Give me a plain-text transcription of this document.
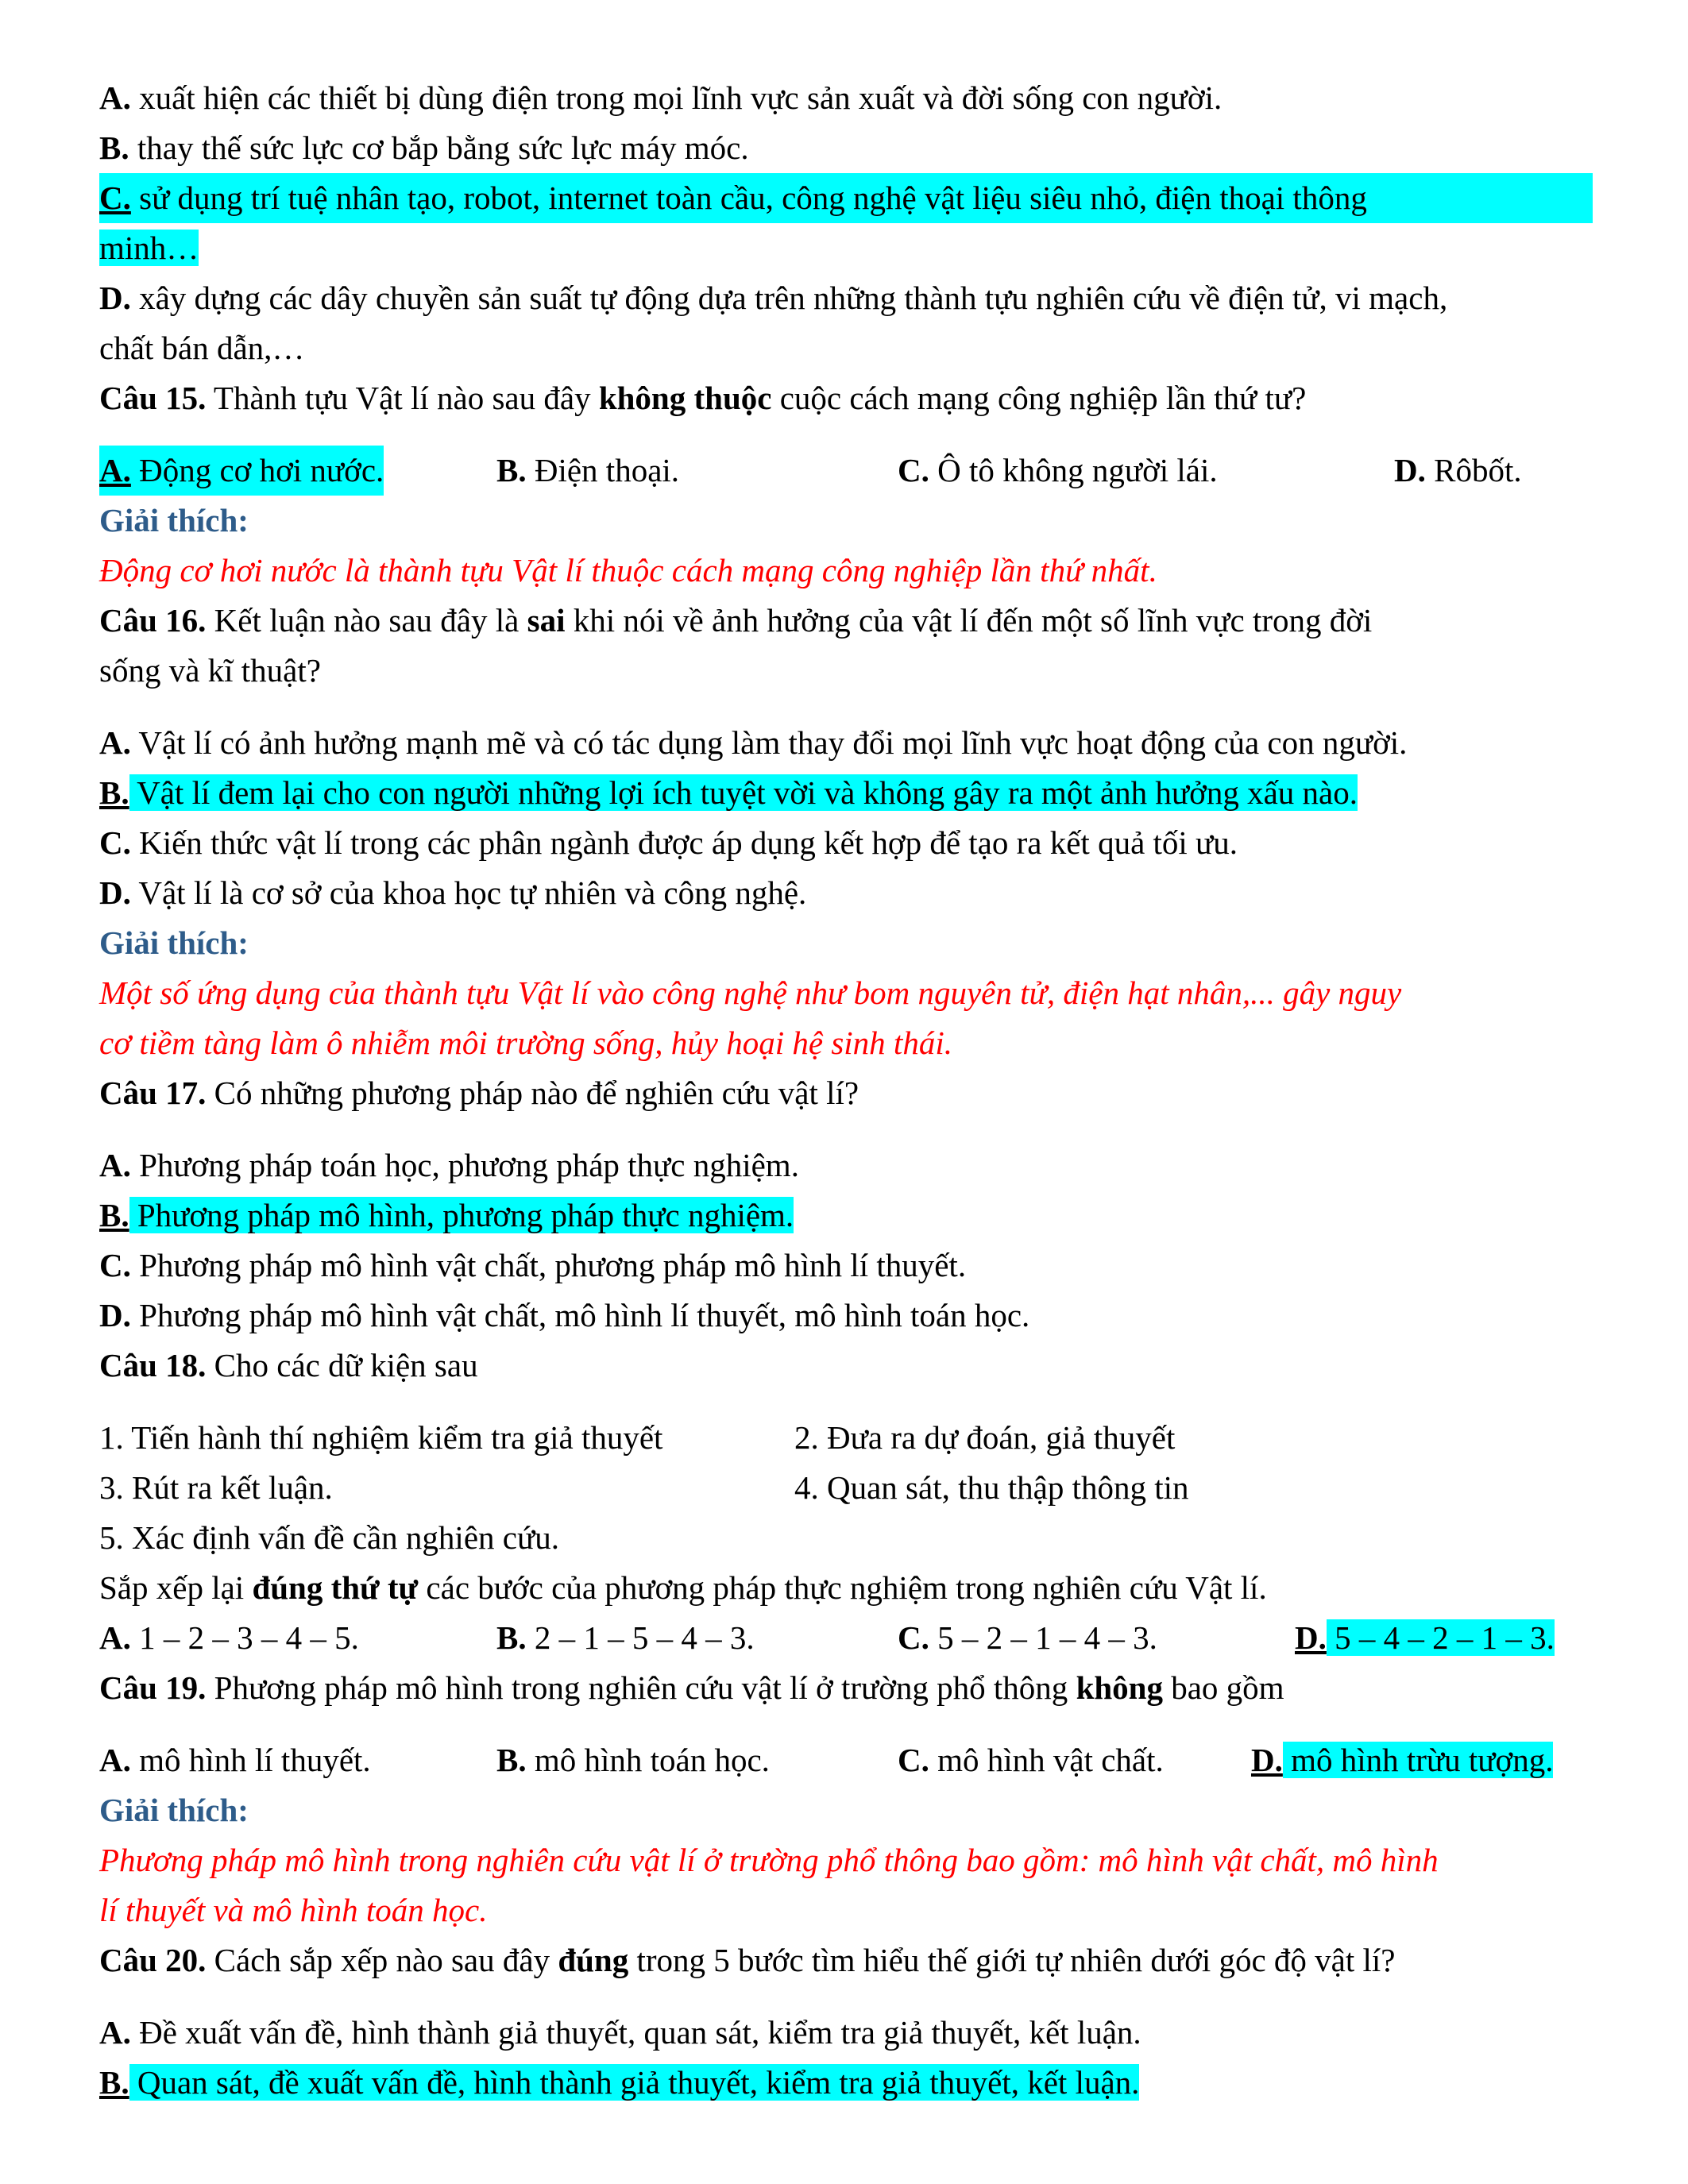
A. xuất hiện các thiết bị dùng điện trong mọi lĩnh vực sản xuất và đời sống con người.
B. thay thế sức lực cơ bắp bằng sức lực máy móc.
C. sử dụng trí tuệ nhân tạo, robot, internet toàn cầu, công nghệ vật liệu siêu nhỏ, điện thoại thông
minh…
D. xây dựng các dây chuyền sản suất tự động dựa trên những thành tựu nghiên cứu về điện tử, vi mạch,
chất bán dẫn,…
Câu 15. Thành tựu Vật lí nào sau đây không thuộc cuộc cách mạng công nghiệp lần thứ tư?
A. Động cơ hơi nước.	B. Điện thoại.	C. Ô tô không người lái.	D. Rôbốt.
Giải thích:
Động cơ hơi nước là thành tựu Vật lí thuộc cách mạng công nghiệp lần thứ nhất.
Câu 16. Kết luận nào sau đây là sai khi nói về ảnh hưởng của vật lí đến một số lĩnh vực trong đời
sống và kĩ thuật?
A. Vật lí có ảnh hưởng mạnh mẽ và có tác dụng làm thay đổi mọi lĩnh vực hoạt động của con người.
B. Vật lí đem lại cho con người những lợi ích tuyệt vời và không gây ra một ảnh hưởng xấu nào.
C. Kiến thức vật lí trong các phân ngành được áp dụng kết hợp để tạo ra kết quả tối ưu.
D. Vật lí là cơ sở của khoa học tự nhiên và công nghệ.
Giải thích:
Một số ứng dụng của thành tựu Vật lí vào công nghệ như bom nguyên tử, điện hạt nhân,... gây nguy
cơ tiềm tàng làm ô nhiễm môi trường sống, hủy hoại hệ sinh thái.
Câu 17. Có những phương pháp nào để nghiên cứu vật lí?
A. Phương pháp toán học, phương pháp thực nghiệm.
B. Phương pháp mô hình, phương pháp thực nghiệm.
C. Phương pháp mô hình vật chất, phương pháp mô hình lí thuyết.
D. Phương pháp mô hình vật chất, mô hình lí thuyết, mô hình toán học.
Câu 18. Cho các dữ kiện sau
1. Tiến hành thí nghiệm kiểm tra giả thuyết	2. Đưa ra dự đoán, giả thuyết
3. Rút ra kết luận.	4. Quan sát, thu thập thông tin
5. Xác định vấn đề cần nghiên cứu.
Sắp xếp lại đúng thứ tự các bước của phương pháp thực nghiệm trong nghiên cứu Vật lí.
A. 1 – 2 – 3 – 4 – 5.	B. 2 – 1 – 5 – 4 – 3.	C. 5 – 2 – 1 – 4 – 3.	D. 5 – 4 – 2 – 1 – 3.
Câu 19. Phương pháp mô hình trong nghiên cứu vật lí ở trường phổ thông không bao gồm
A. mô hình lí thuyết.	B. mô hình toán học.	C. mô hình vật chất.	D. mô hình trừu tượng.
Giải thích:
Phương pháp mô hình trong nghiên cứu vật lí ở trường phổ thông bao gồm: mô hình vật chất, mô hình
lí thuyết và mô hình toán học.
Câu 20. Cách sắp xếp nào sau đây đúng trong 5 bước tìm hiểu thế giới tự nhiên dưới góc độ vật lí?
A. Đề xuất vấn đề, hình thành giả thuyết, quan sát, kiểm tra giả thuyết, kết luận.
B. Quan sát, đề xuất vấn đề, hình thành giả thuyết, kiểm tra giả thuyết, kết luận.
